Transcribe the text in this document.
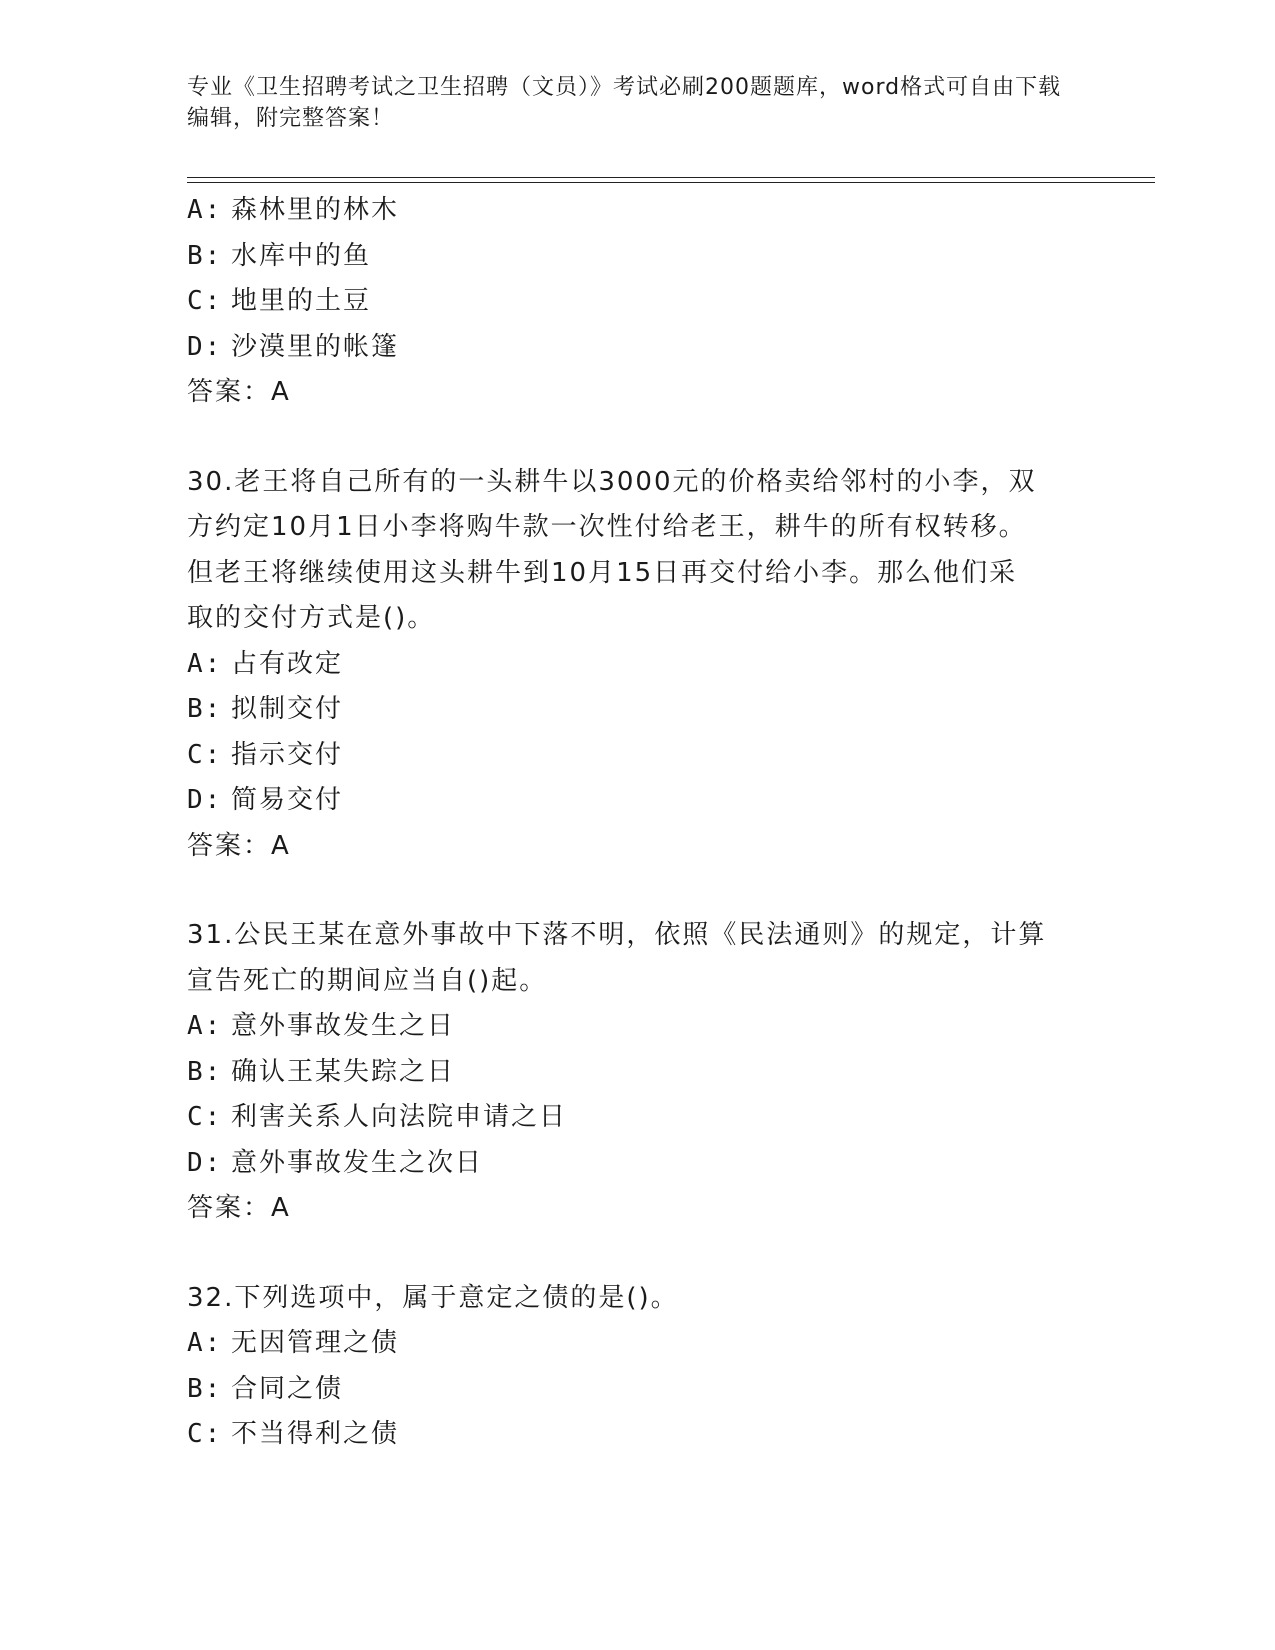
专业《卫生招聘考试之卫生招聘（文员）》考试必刷200题题库，word格式可自由下载编辑，附完整答案！
A: 森林里的林木
B: 水库中的鱼
C: 地里的土豆
D: 沙漠里的帐篷
答案：A
30.老王将自己所有的一头耕牛以3000元的价格卖给邻村的小李，双
方约定10月1日小李将购牛款一次性付给老王，耕牛的所有权转移。
但老王将继续使用这头耕牛到10月15日再交付给小李。那么他们采
取的交付方式是()。
A: 占有改定
B: 拟制交付
C: 指示交付
D: 简易交付
答案：A
31.公民王某在意外事故中下落不明，依照《民法通则》的规定，计算
宣告死亡的期间应当自()起。
A: 意外事故发生之日
B: 确认王某失踪之日
C: 利害关系人向法院申请之日
D: 意外事故发生之次日
答案：A
32.下列选项中，属于意定之债的是()。
A: 无因管理之债
B: 合同之债
C: 不当得利之债
